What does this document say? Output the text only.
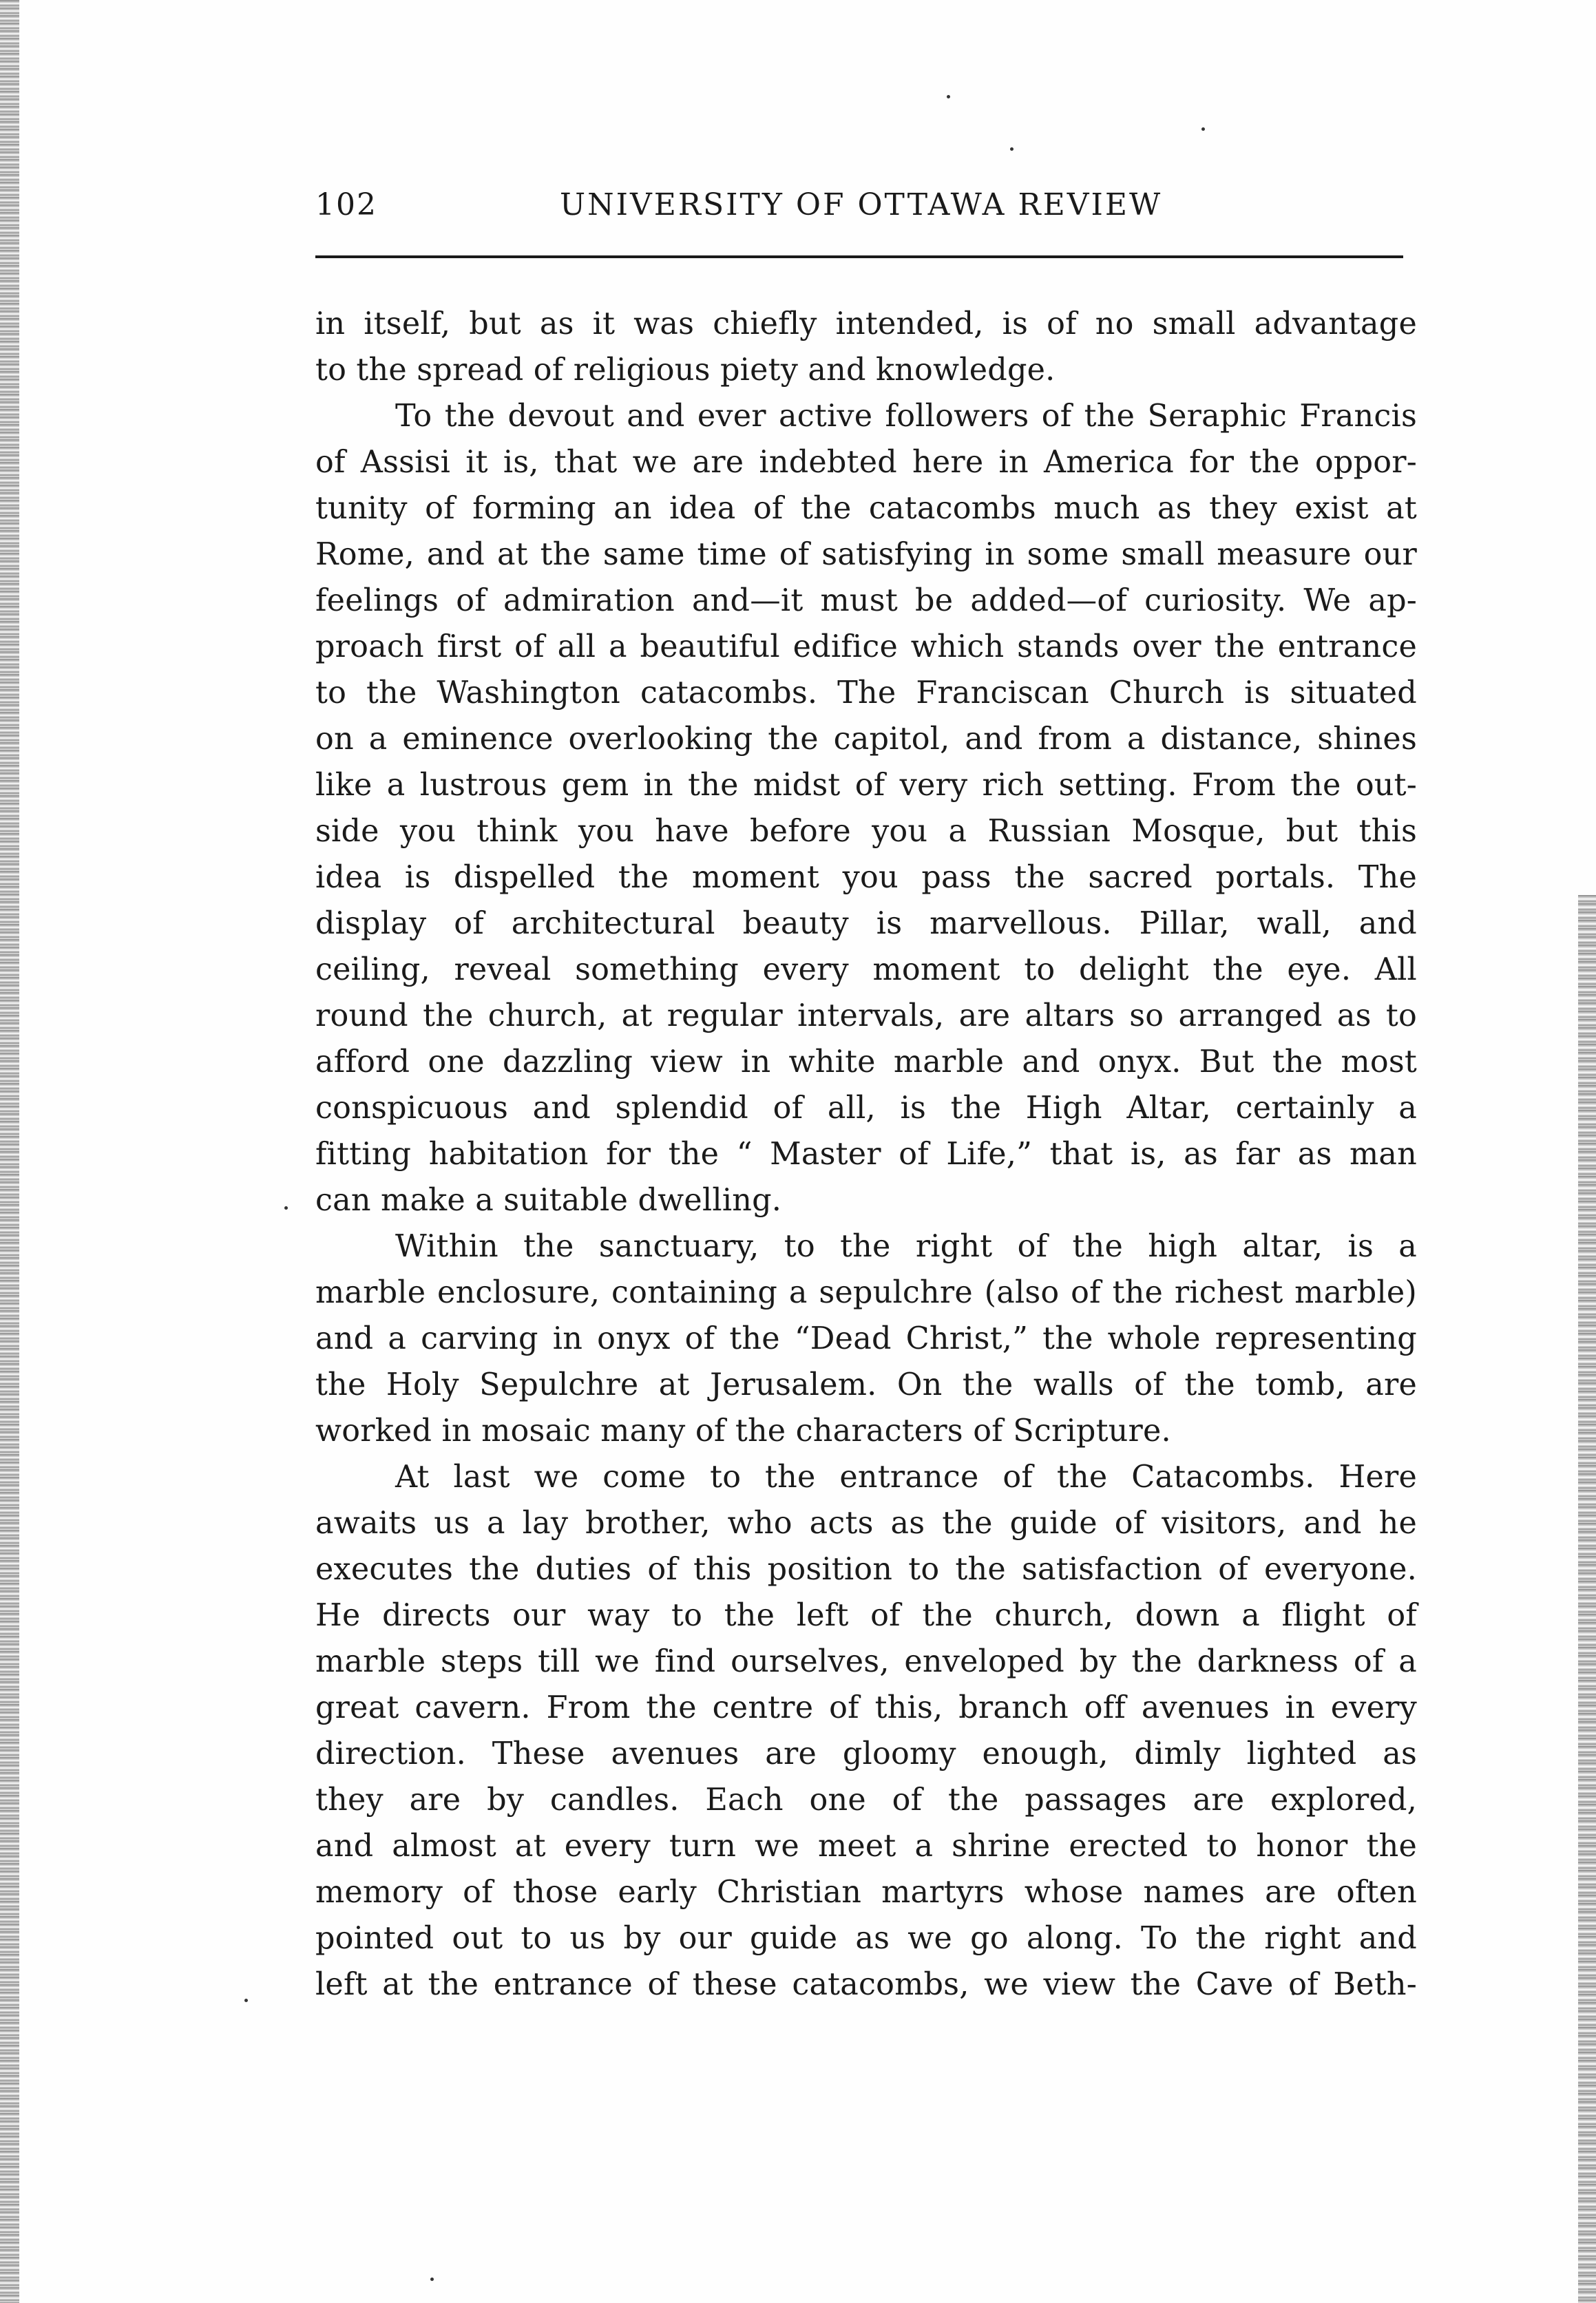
102	UNIVERSITY OF OTTAWA REVIEW
in itself, but as it was chiefly intended, is of no small advantage
to the spread of religious piety and knowledge.
To the devout and ever active followers of the Seraphic Francis
of Assisi it is, that we are indebted here in America for the oppor-
tunity of forming an idea of the catacombs much as they exist at
Rome, and at the same time of satisfying in some small measure our
feelings of admiration and—it must be added—of curiosity. We ap-
proach first of all a beautiful edifice which stands over the entrance
to the Washington catacombs. The Franciscan Church is situated
on a eminence overlooking the capitol, and from a distance, shines
like a lustrous gem in the midst of very rich setting. From the out-
side you think you have before you a Russian Mosque, but this
idea is dispelled the moment you pass the sacred portals. The
display of architectural beauty is marvellous. Pillar, wall, and
ceiling, reveal something every moment to delight the eye. All
round the church, at regular intervals, are altars so arranged as to
afford one dazzling view in white marble and onyx. But the most
conspicuous and splendid of all, is the High Altar, certainly a
fitting habitation for the “ Master of Life,” that is, as far as man
can make a suitable dwelling.
Within the sanctuary, to the right of the high altar, is a
marble enclosure, containing a sepulchre (also of the richest marble)
and a carving in onyx of the “Dead Christ,” the whole representing
the Holy Sepulchre at Jerusalem. On the walls of the tomb, are
worked in mosaic many of the characters of Scripture.
At last we come to the entrance of the Catacombs. Here
awaits us a lay brother, who acts as the guide of visitors, and he
executes the duties of this position to the satisfaction of everyone.
He directs our way to the left of the church, down a flight of
marble steps till we find ourselves, enveloped by the darkness of a
great cavern. From the centre of this, branch off avenues in every
direction. These avenues are gloomy enough, dimly lighted as
they are by candles. Each one of the passages are explored,
and almost at every turn we meet a shrine erected to honor the
memory of those early Christian martyrs whose names are often
pointed out to us by our guide as we go along. To the right and
left at the entrance of these catacombs, we view the Cave of Beth-
